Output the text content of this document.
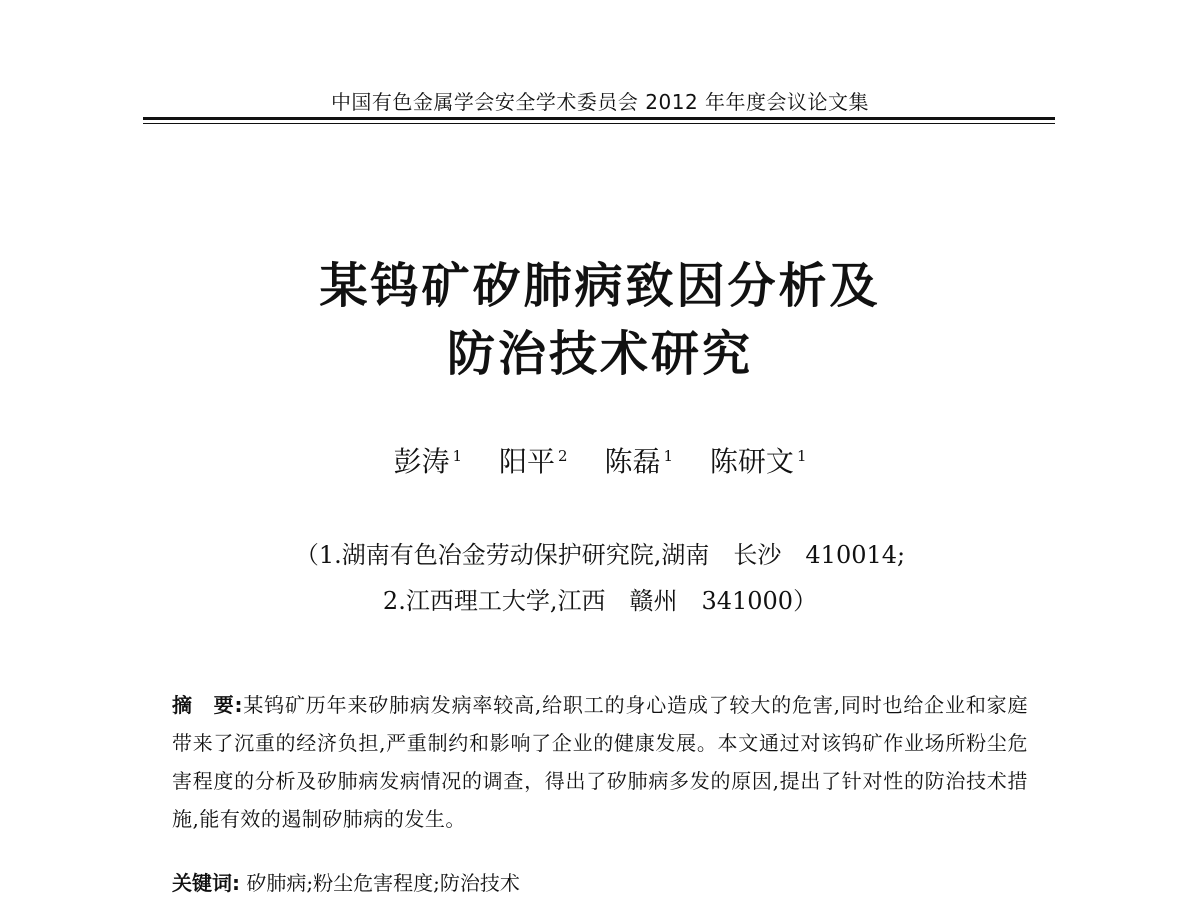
中国有色金属学会安全学术委员会 2012 年年度会议论文集
某钨矿矽肺病致因分析及
防治技术研究
彭涛 $^1$ 阳平 $^2$ 陈磊 $^1$ 陈研文 $^1$
（1.湖南有色冶金劳动保护研究院,湖南　长沙　410014;
2.江西理工大学,江西　赣州　341000）
摘　要:某钨矿历年来矽肺病发病率较高,给职工的身心造成了较大的危害,同时也给企业和家庭带来了沉重的经济负担,严重制约和影响了企业的健康发展。本文通过对该钨矿作业场所粉尘危害程度的分析及矽肺病发病情况的调查，得出了矽肺病多发的原因,提出了针对性的防治技术措施,能有效的遏制矽肺病的发生。
关键词: 矽肺病;粉尘危害程度;防治技术
